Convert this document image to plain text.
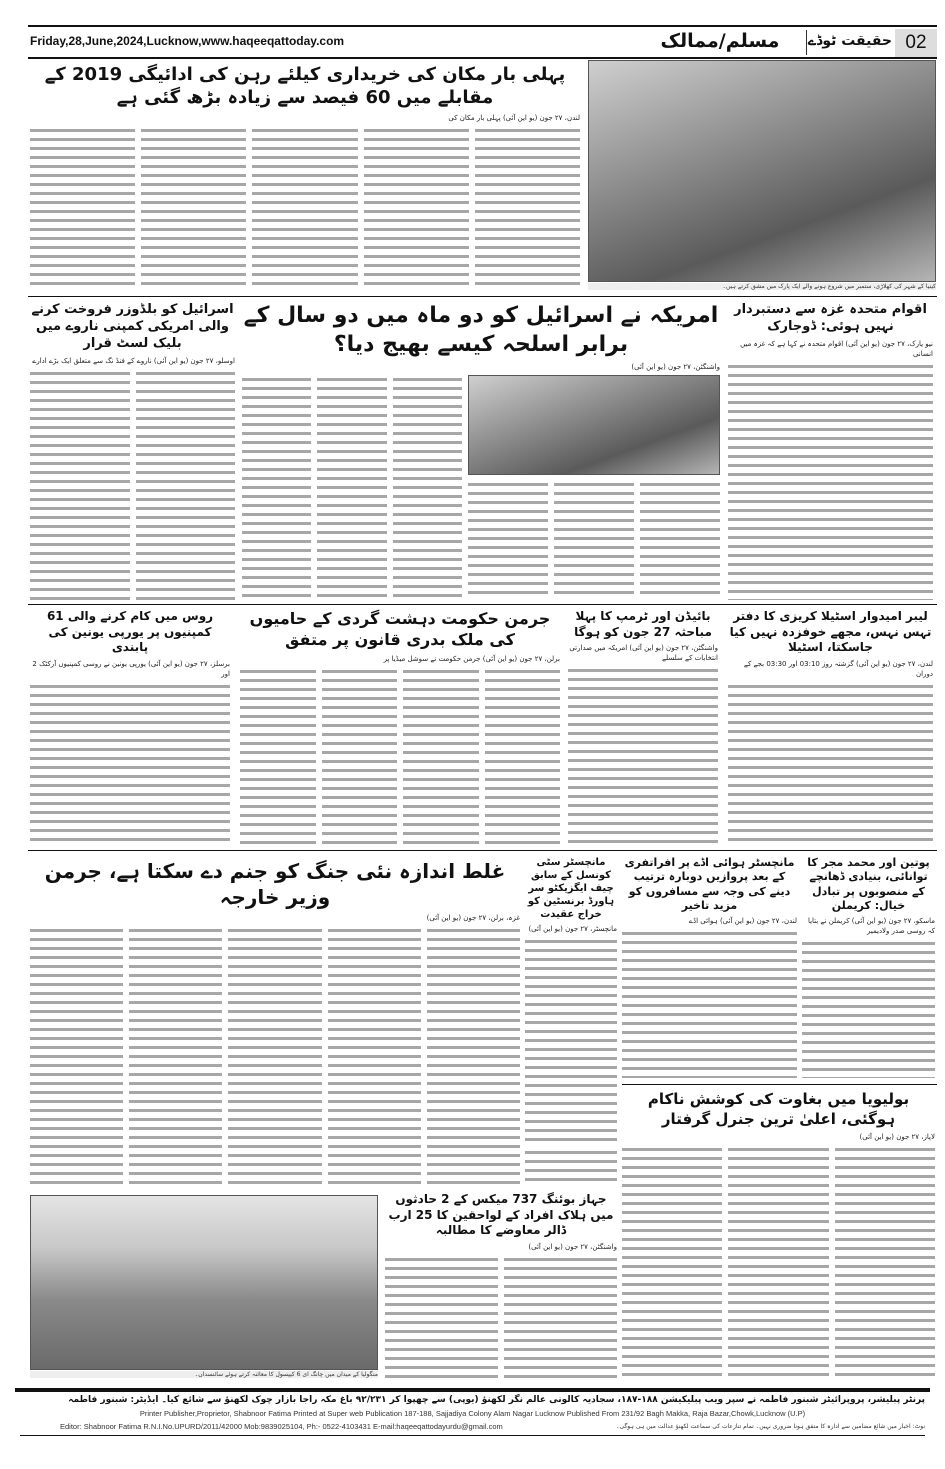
Friday,28,June,2024,Lucknow,www.haqeeqattoday.com	02
حقیقت ٹوڈے
مسلم/ممالک
پہلی بار مکان کی خریداری کیلئے رہن کی ادائیگی 2019 کے مقابلے میں 60 فیصد سے زیادہ بڑھ گئی ہے
لندن، ۲۷ جون (یو این آئی) پہلی بار مکان کی
کینیا کے شہر کی کھلاڑی، ستمبر میں شروع ہونے والے ایک پارک میں مشق کرتے ہیں۔
اسرائیل کو بلڈوزر فروخت کرنے والی امریکی کمپنی ناروے میں بلیک لسٹ قرار
اوسلو، ۲۷ جون (یو این آئی) ناروے کے فنڈ نگ سے متعلق ایک بڑے ادارے
امریکہ نے اسرائیل کو دو ماہ میں دو سال کے برابر اسلحہ کیسے بھیج دیا؟
واشنگٹن، ۲۷ جون (یو این آئی)
اقوام متحدہ غزہ سے دستبردار نہیں ہوئی: ڈوجارک
نیو یارک، ۲۷ جون (یو این آئی) اقوام متحدہ نے کہا ہے کہ غزہ میں انسانی
روس میں کام کرنے والی 61 کمپنیوں پر یورپی یونین کی پابندی
برسلز، ۲۷ جون (یو این آئی) یورپی یونین نے روسی کمپنیوں آرکٹک 2 اور
جرمن حکومت دہشت گردی کے حامیوں کی ملک بدری قانون پر متفق
برلن، ۲۷ جون (یو این آئی) جرمن حکومت نے سوشل میڈیا پر
بائیڈن اور ٹرمپ کا پہلا مباحثہ 27 جون کو ہوگا
واشنگٹن، ۲۷ جون (یو این آئی) امریکہ میں صدارتی انتخابات کے سلسلے
لیبر امیدوار اسٹیلا کریزی کا دفتر تہس نہس، مجھے خوفزدہ نہیں کیا جاسکتا، اسٹیلا
لندن، ۲۷ جون (یو این آئی) گزشتہ روز 03:10 اور 03:30 بجے کے دوران
غلط اندازہ نئی جنگ کو جنم دے سکتا ہے، جرمن وزیر خارجہ
غزہ، برلن، ۲۷ جون (یو این آئی)
مانچسٹر سٹی کونسل کے سابق چیف ایگزیکٹو سر ہاورڈ برنسٹین کو خراج عقیدت
مانچسٹر، ۲۷ جون (یو این آئی)
مانچسٹر ہوائی اڈے پر افراتفری کے بعد پروازیں دوبارہ ترتیب دینے کی وجہ سے مسافروں کو مزید تاخیر
لندن، ۲۷ جون (یو این آئی) ہوائی اڈے
پوتین اور محمد مجر کا توانائی، بنیادی ڈھانچے کے منصوبوں پر تبادل خیال: کریملن
ماسکو، ۲۷ جون (یو این آئی) کریملن نے بتایا کہ روسی صدر ولادیمیر
بولیویا میں بغاوت کی کوشش ناکام ہوگئی، اعلیٰ ترین جنرل گرفتار
لاپاز، ۲۷ جون (یو این آئی)
جہاز بوئنگ 737 میکس کے 2 حادثوں میں ہلاک افراد کے لواحقین کا 25 ارب ڈالر معاوضے کا مطالبہ
واشنگٹن، ۲۷ جون (یو این آئی)
منگولیا کے میدان میں چانگ ای 6 کیپسول کا معائنہ کرتے ہوئے سائنسدان۔
پرنٹر پبلیشر، پروپرائیٹر شبنور فاطمہ نے سپر ویب پبلیکیشن ۱۸۸-۱۸۷، سجادیہ کالونی عالم نگر لکھنؤ (یوپی) سے چھپوا کر ۹۲/۲۳۱ باغ مکہ راجا بازار چوک لکھنؤ سے شائع کیا۔ ایڈیٹر: شبنور فاطمہ
Printer Publisher,Proprietor, Shabnoor Fatima Printed at Super web Publication 187-188, Sajjadiya Colony Alam Nagar Lucknow Published From 231/92 Bagh Makka, Raja Bazar,Chowk,Lucknow (U.P)
Editor: Shabnoor Fatima R.N.I.No.UPURD/2011/42000 Mob:9839025104, Ph:- 0522-4103431 E-mail:haqeeqattodayurdu@gmail.com	نوٹ: اخبار میں شائع مضامین سے ادارہ کا متفق ہونا ضروری نہیں۔ تمام تنازعات کی سماعت لکھنؤ عدالت میں ہی ہوگی۔
